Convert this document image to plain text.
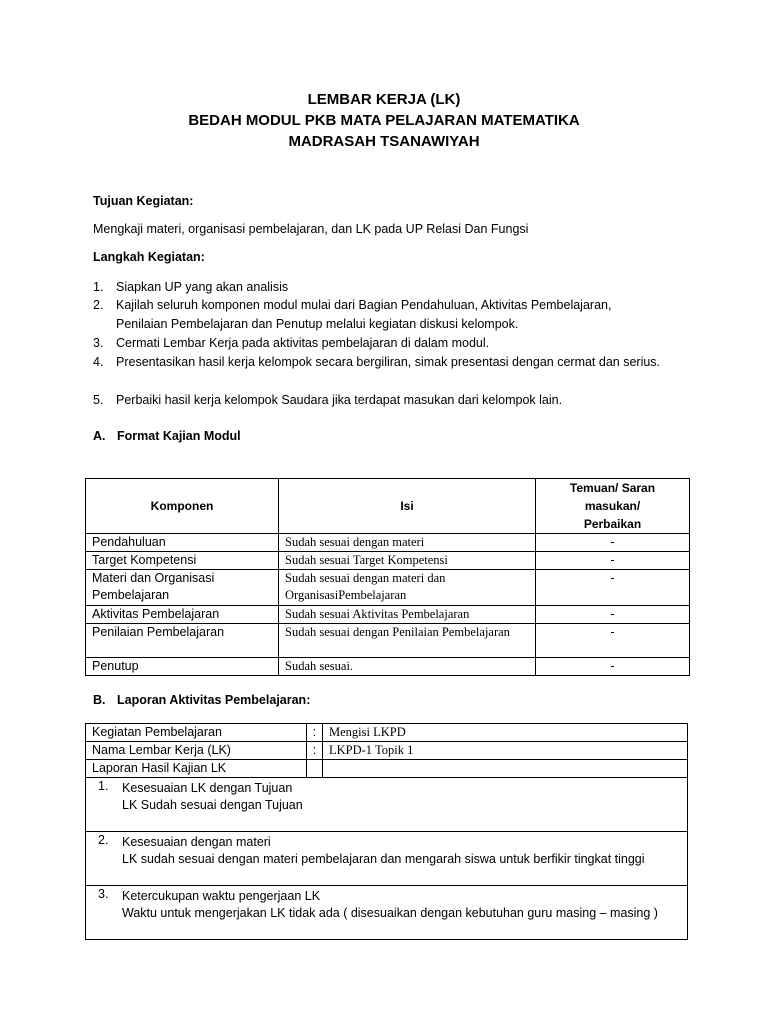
LEMBAR KERJA (LK)
BEDAH MODUL PKB MATA PELAJARAN MATEMATIKA
MADRASAH TSANAWIYAH
Tujuan Kegiatan:
Mengkaji materi, organisasi pembelajaran, dan LK pada UP Relasi Dan Fungsi
Langkah Kegiatan:
1. Siapkan UP yang akan analisis
2. Kajilah seluruh komponen modul mulai dari Bagian Pendahuluan, Aktivitas Pembelajaran, Penilaian Pembelajaran dan Penutup melalui kegiatan diskusi kelompok.
3. Cermati Lembar Kerja pada aktivitas pembelajaran di dalam modul.
4. Presentasikan hasil kerja kelompok secara bergiliran, simak presentasi dengan cermat dan serius.
5. Perbaiki hasil kerja kelompok Saudara jika terdapat masukan dari kelompok lain.
A. Format Kajian Modul
Komponen	Isi	Temuan/ Saran
masukan/
Perbaikan
Pendahuluan	Sudah sesuai dengan materi	-
Target Kompetensi	Sudah sesuai Target Kompetensi	-
Materi dan Organisasi Pembelajaran	Sudah sesuai dengan materi dan OrganisasiPembelajaran	-
Aktivitas Pembelajaran	Sudah sesuai Aktivitas Pembelajaran	-
Penilaian Pembelajaran	Sudah sesuai dengan Penilaian Pembelajaran	-
Penutup	Sudah sesuai.	-
B. Laporan Aktivitas Pembelajaran:
Kegiatan Pembelajaran	:	Mengisi LKPD
Nama Lembar Kerja (LK)	:	LKPD-1 Topik 1
Laporan Hasil Kajian LK		

1. Kesesuaian LK dengan Tujuan
LK Sudah sesuai dengan Tujuan		

2. Kesesuaian dengan materi
LK sudah sesuai dengan materi pembelajaran dan mengarah siswa untuk berfikir tingkat tinggi		

3. Ketercukupan waktu pengerjaan LK
Waktu untuk mengerjakan LK tidak ada ( disesuaikan dengan kebutuhan guru masing – masing )		
